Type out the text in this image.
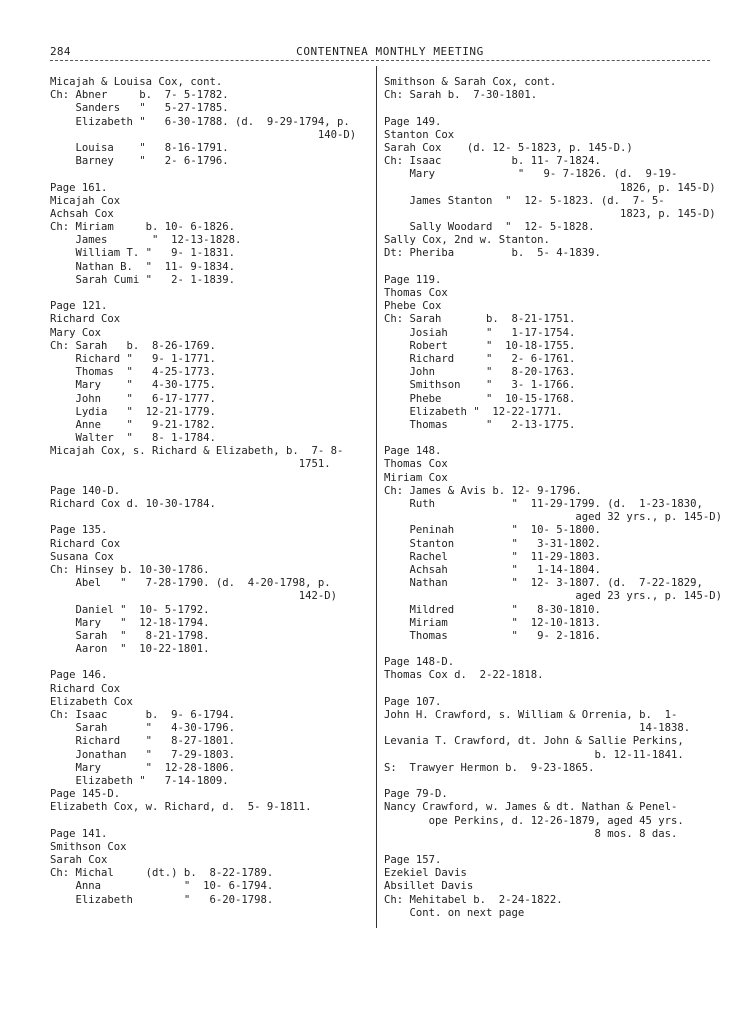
284	CONTENTNEA MONTHLY MEETING
Micajah & Louisa Cox, cont.
Ch: Abner     b.  7- 5-1782.
Sanders   "   5-27-1785.
Elizabeth "   6-30-1788. (d.  9-29-1794, p.
140-D)
Louisa    "   8-16-1791.
Barney    "   2- 6-1796.

Page 161.
Micajah Cox
Achsah Cox
Ch: Miriam     b. 10- 6-1826.
James       "  12-13-1828.
William T. "   9- 1-1831.
Nathan B.  "  11- 9-1834.
Sarah Cumi "   2- 1-1839.

Page 121.
Richard Cox
Mary Cox
Ch: Sarah   b.  8-26-1769.
Richard "   9- 1-1771.
Thomas  "   4-25-1773.
Mary    "   4-30-1775.
John    "   6-17-1777.
Lydia   "  12-21-1779.
Anne    "   9-21-1782.
Walter  "   8- 1-1784.
Micajah Cox, s. Richard & Elizabeth, b.  7- 8-
1751.

Page 140-D.
Richard Cox d. 10-30-1784.

Page 135.
Richard Cox
Susana Cox
Ch: Hinsey b. 10-30-1786.
Abel   "   7-28-1790. (d.  4-20-1798, p.
142-D)
Daniel "  10- 5-1792.
Mary   "  12-18-1794.
Sarah  "   8-21-1798.
Aaron  "  10-22-1801.

Page 146.
Richard Cox
Elizabeth Cox
Ch: Isaac      b.  9- 6-1794.
Sarah      "   4-30-1796.
Richard    "   8-27-1801.
Jonathan   "   7-29-1803.
Mary       "  12-28-1806.
Elizabeth "   7-14-1809.
Page 145-D.
Elizabeth Cox, w. Richard, d.  5- 9-1811.

Page 141.
Smithson Cox
Sarah Cox
Ch: Michal     (dt.) b.  8-22-1789.
Anna             "  10- 6-1794.
Elizabeth        "   6-20-1798.
Smithson & Sarah Cox, cont.
Ch: Sarah b.  7-30-1801.

Page 149.
Stanton Cox
Sarah Cox    (d. 12- 5-1823, p. 145-D.)
Ch: Isaac           b. 11- 7-1824.
Mary             "   9- 7-1826. (d.  9-19-
1826, p. 145-D)
James Stanton  "  12- 5-1823. (d.  7- 5-
1823, p. 145-D)
Sally Woodard  "  12- 5-1828.
Sally Cox, 2nd w. Stanton.
Dt: Pheriba         b.  5- 4-1839.

Page 119.
Thomas Cox
Phebe Cox
Ch: Sarah       b.  8-21-1751.
Josiah      "   1-17-1754.
Robert      "  10-18-1755.
Richard     "   2- 6-1761.
John        "   8-20-1763.
Smithson    "   3- 1-1766.
Phebe       "  10-15-1768.
Elizabeth "  12-22-1771.
Thomas      "   2-13-1775.

Page 148.
Thomas Cox
Miriam Cox
Ch: James & Avis b. 12- 9-1796.
Ruth            "  11-29-1799. (d.  1-23-1830,
aged 32 yrs., p. 145-D)
Peninah         "  10- 5-1800.
Stanton         "   3-31-1802.
Rachel          "  11-29-1803.
Achsah          "   1-14-1804.
Nathan          "  12- 3-1807. (d.  7-22-1829,
aged 23 yrs., p. 145-D)
Mildred         "   8-30-1810.
Miriam          "  12-10-1813.
Thomas          "   9- 2-1816.

Page 148-D.
Thomas Cox d.  2-22-1818.

Page 107.
John H. Crawford, s. William & Orrenia, b.  1-
14-1838.
Levania T. Crawford, dt. John & Sallie Perkins,
b. 12-11-1841.
S:  Trawyer Hermon b.  9-23-1865.

Page 79-D.
Nancy Crawford, w. James & dt. Nathan & Penel-
ope Perkins, d. 12-26-1879, aged 45 yrs.
8 mos. 8 das.

Page 157.
Ezekiel Davis
Absillet Davis
Ch: Mehitabel b.  2-24-1822.
Cont. on next page
